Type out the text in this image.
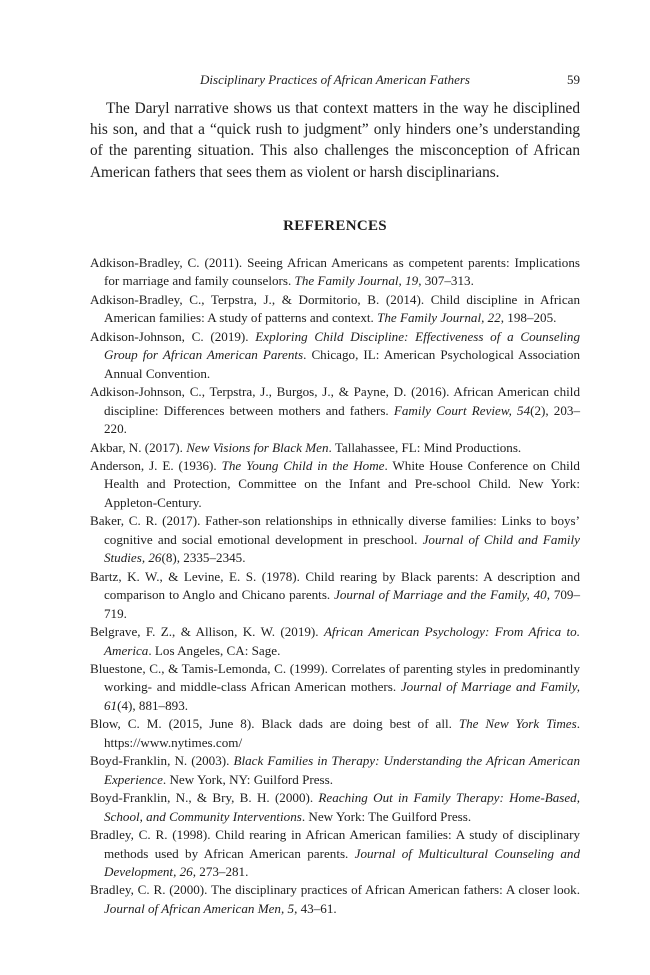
Disciplinary Practices of African American Fathers	59

The Daryl narrative shows us that context matters in the way he disciplined his son, and that a “quick rush to judgment” only hinders one’s understanding of the parenting situation. This also challenges the misconception of African American fathers that sees them as violent or harsh disciplinarians.

REFERENCES
Adkison-Bradley, C. (2011). Seeing African Americans as competent parents: Implications for marriage and family counselors. The Family Journal, 19, 307–313.
Adkison-Bradley, C., Terpstra, J., & Dormitorio, B. (2014). Child discipline in African American families: A study of patterns and context. The Family Journal, 22, 198–205.
Adkison-Johnson, C. (2019). Exploring Child Discipline: Effectiveness of a Counseling Group for African American Parents. Chicago, IL: American Psychological Association Annual Convention.
Adkison-Johnson, C., Terpstra, J., Burgos, J., & Payne, D. (2016). African American child discipline: Differences between mothers and fathers. Family Court Review, 54(2), 203–220.
Akbar, N. (2017). New Visions for Black Men. Tallahassee, FL: Mind Productions.
Anderson, J. E. (1936). The Young Child in the Home. White House Conference on Child Health and Protection, Committee on the Infant and Pre-school Child. New York: Appleton-Century.
Baker, C. R. (2017). Father-son relationships in ethnically diverse families: Links to boys’ cognitive and social emotional development in preschool. Journal of Child and Family Studies, 26(8), 2335–2345.
Bartz, K. W., & Levine, E. S. (1978). Child rearing by Black parents: A description and comparison to Anglo and Chicano parents. Journal of Marriage and the Family, 40, 709–719.
Belgrave, F. Z., & Allison, K. W. (2019). African American Psychology: From Africa to. America. Los Angeles, CA: Sage.
Bluestone, C., & Tamis-Lemonda, C. (1999). Correlates of parenting styles in predominantly working- and middle-class African American mothers. Journal of Marriage and Family, 61(4), 881–893.
Blow, C. M. (2015, June 8). Black dads are doing best of all. The New York Times. https://www.nytimes.com/
Boyd-Franklin, N. (2003). Black Families in Therapy: Understanding the African American Experience. New York, NY: Guilford Press.
Boyd-Franklin, N., & Bry, B. H. (2000). Reaching Out in Family Therapy: Home-Based, School, and Community Interventions. New York: The Guilford Press.
Bradley, C. R. (1998). Child rearing in African American families: A study of disciplinary methods used by African American parents. Journal of Multicultural Counseling and Development, 26, 273–281.
Bradley, C. R. (2000). The disciplinary practices of African American fathers: A closer look. Journal of African American Men, 5, 43–61.
